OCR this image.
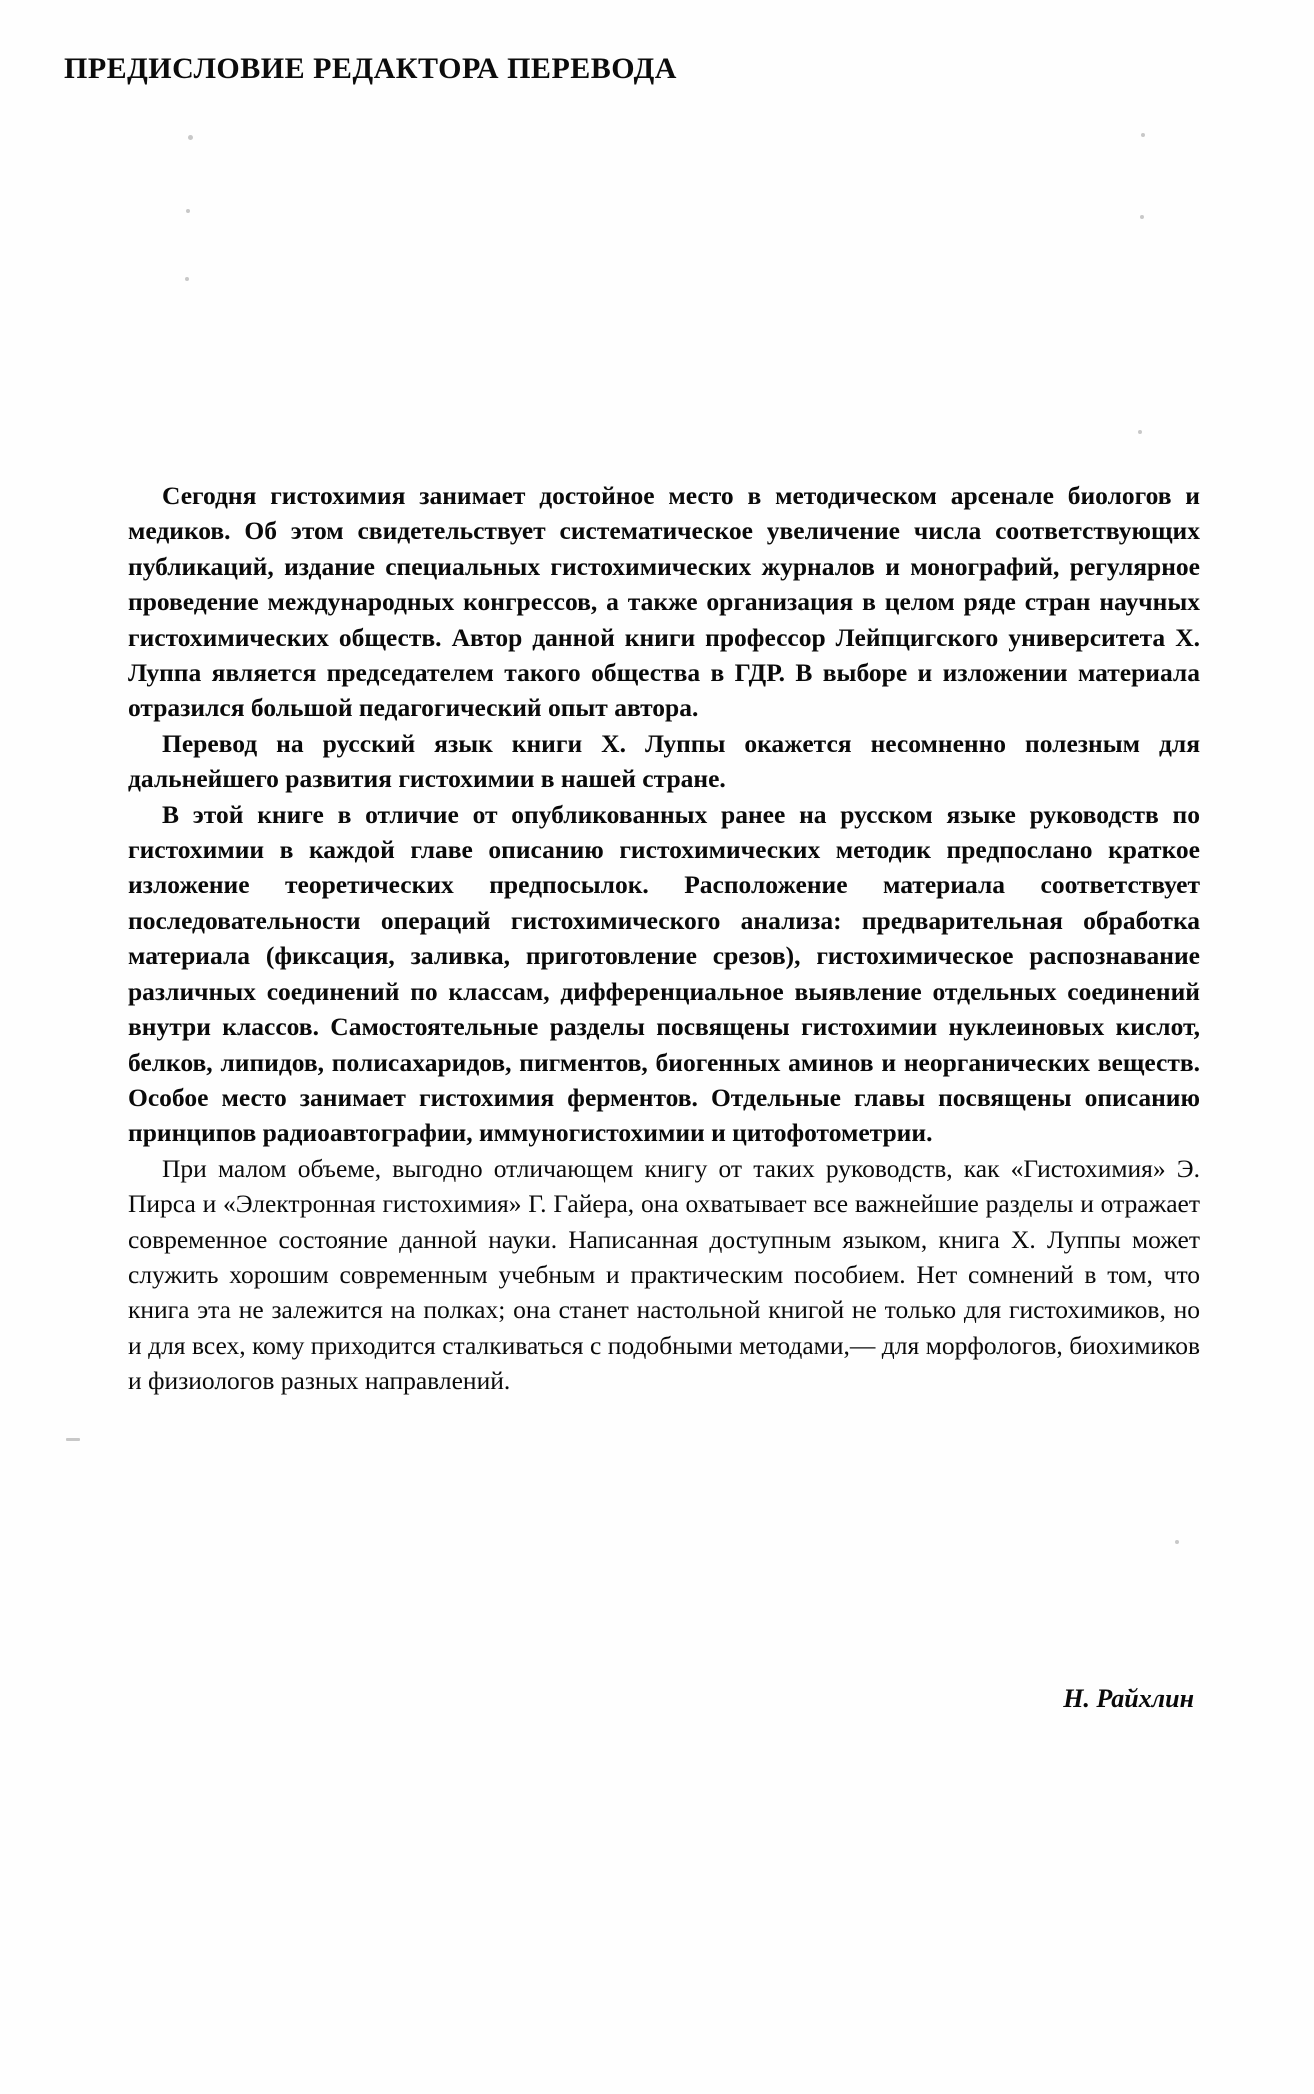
ПРЕДИСЛОВИЕ РЕДАКТОРА ПЕРЕВОДА

Сегодня гистохимия занимает достойное место в методическом арсенале биологов и медиков. Об этом свидетельствует систематическое увеличение числа соответствующих публикаций, издание специальных гистохимических журналов и монографий, регулярное проведение международных конгрессов, а также организация в целом ряде стран научных гистохимических обществ. Автор данной книги профессор Лейпцигского университета X. Луппа является председателем такого общества в ГДР. В выборе и изложении материала отразился большой педагогический опыт автора.

Перевод на русский язык книги X. Луппы окажется несомненно полезным для дальнейшего развития гистохимии в нашей стране.

В этой книге в отличие от опубликованных ранее на русском языке руководств по гистохимии в каждой главе описанию гистохимических методик предпослано краткое изложение теоретических предпосылок. Расположение материала соответствует последовательности операций гистохимического анализа: предварительная обработка материала (фиксация, заливка, приготовление срезов), гистохимическое распознавание различных соединений по классам, дифференциальное выявление отдельных соединений внутри классов. Самостоятельные разделы посвящены гистохимии нуклеиновых кислот, белков, липидов, полисахаридов, пигментов, биогенных аминов и неорганических веществ. Особое место занимает гистохимия ферментов. Отдельные главы посвящены описанию принципов радиоавтографии, иммуногистохимии и цитофотометрии.

При малом объеме, выгодно отличающем книгу от таких руководств, как «Гистохимия» Э. Пирса и «Электронная гистохимия» Г. Гайера, она охватывает все важнейшие разделы и отражает современное состояние данной науки. Написанная доступным языком, книга X. Луппы может служить хорошим современным учебным и практическим пособием. Нет сомнений в том, что книга эта не залежится на полках; она станет настольной книгой не только для гистохимиков, но и для всех, кому приходится сталкиваться с подобными методами,— для морфологов, биохимиков и физиологов разных направлений.

Н. Райхлин
